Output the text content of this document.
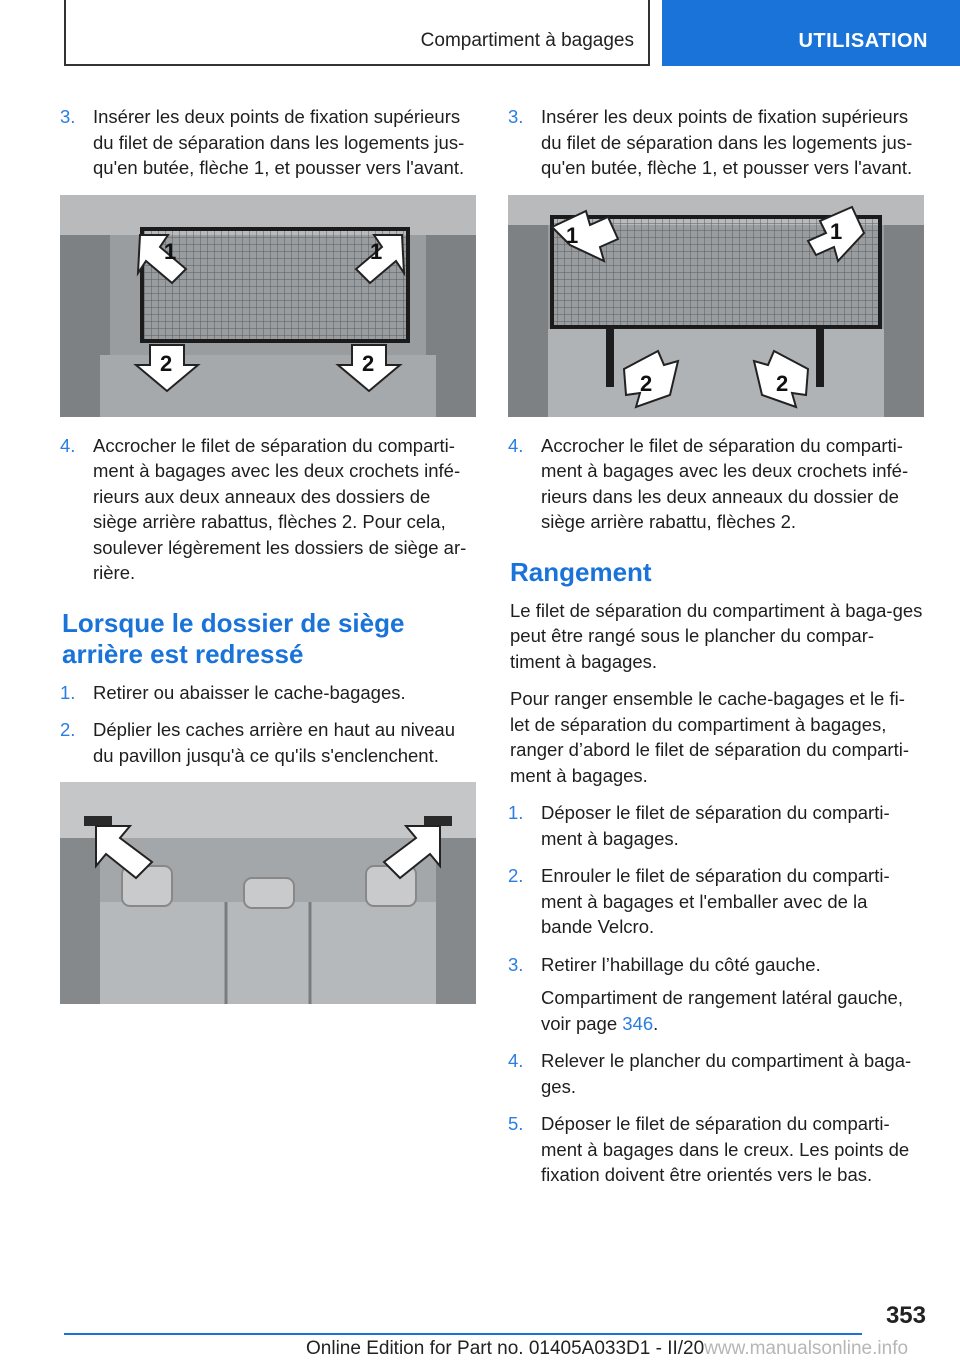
Compartiment à bagages	UTILISATION
3. Insérer les deux points de fixation supérieurs du filet de séparation dans les logements jus-qu'en butée, flèche 1, et pousser vers l'avant.
1	1
2	2
4. Accrocher le filet de séparation du comparti-ment à bagages avec les deux crochets infé-rieurs aux deux anneaux des dossiers de siège arrière rabattus, flèches 2. Pour cela, soulever légèrement les dossiers de siège ar-rière.
Lorsque le dossier de siège arrière est redressé
1. Retirer ou abaisser le cache-bagages.
2. Déplier les caches arrière en haut au niveau du pavillon jusqu'à ce qu'ils s'enclenchent.
3. Insérer les deux points de fixation supérieurs du filet de séparation dans les logements jus-qu'en butée, flèche 1, et pousser vers l'avant.
1	1
2	2
4. Accrocher le filet de séparation du comparti-ment à bagages avec les deux crochets infé-rieurs dans les deux anneaux du dossier de siège arrière rabattu, flèches 2.
Rangement
Le filet de séparation du compartiment à baga-ges peut être rangé sous le plancher du compar-timent à bagages.
Pour ranger ensemble le cache-bagages et le fi-let de séparation du compartiment à bagages, ranger d’abord le filet de séparation du comparti-ment à bagages.
1. Déposer le filet de séparation du comparti-ment à bagages.
2. Enrouler le filet de séparation du comparti-ment à bagages et l'emballer avec de la bande Velcro.
3. Retirer l’habillage du côté gauche.
Compartiment de rangement latéral gauche, voir page 346.
4. Relever le plancher du compartiment à baga-ges.
5. Déposer le filet de séparation du comparti-ment à bagages dans le creux. Les points de fixation doivent être orientés vers le bas.
353
Online Edition for Part no. 01405A033D1 - II/20www.manualsonline.info
